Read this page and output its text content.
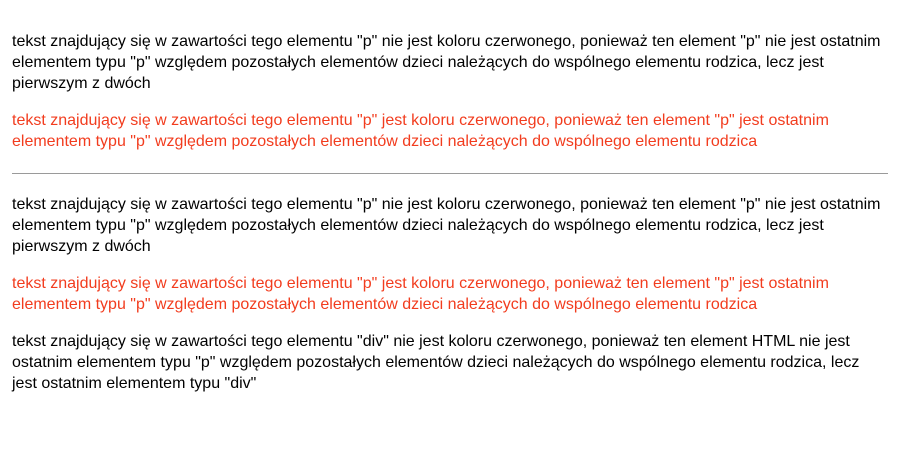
tekst znajdujący się w zawartości tego elementu "p" nie jest koloru czerwonego, ponieważ ten element "p" nie jest ostatnim elementem typu "p" względem pozostałych elementów dzieci należących do wspólnego elementu rodzica, lecz jest pierwszym z dwóch

tekst znajdujący się w zawartości tego elementu "p" jest koloru czerwonego, ponieważ ten element "p" jest ostatnim elementem typu "p" względem pozostałych elementów dzieci należących do wspólnego elementu rodzica

tekst znajdujący się w zawartości tego elementu "p" nie jest koloru czerwonego, ponieważ ten element "p" nie jest ostatnim elementem typu "p" względem pozostałych elementów dzieci należących do wspólnego elementu rodzica, lecz jest pierwszym z dwóch

tekst znajdujący się w zawartości tego elementu "p" jest koloru czerwonego, ponieważ ten element "p" jest ostatnim elementem typu "p" względem pozostałych elementów dzieci należących do wspólnego elementu rodzica

tekst znajdujący się w zawartości tego elementu "div" nie jest koloru czerwonego, ponieważ ten element HTML nie jest ostatnim elementem typu "p" względem pozostałych elementów dzieci należących do wspólnego elementu rodzica, lecz jest ostatnim elementem typu "div"
